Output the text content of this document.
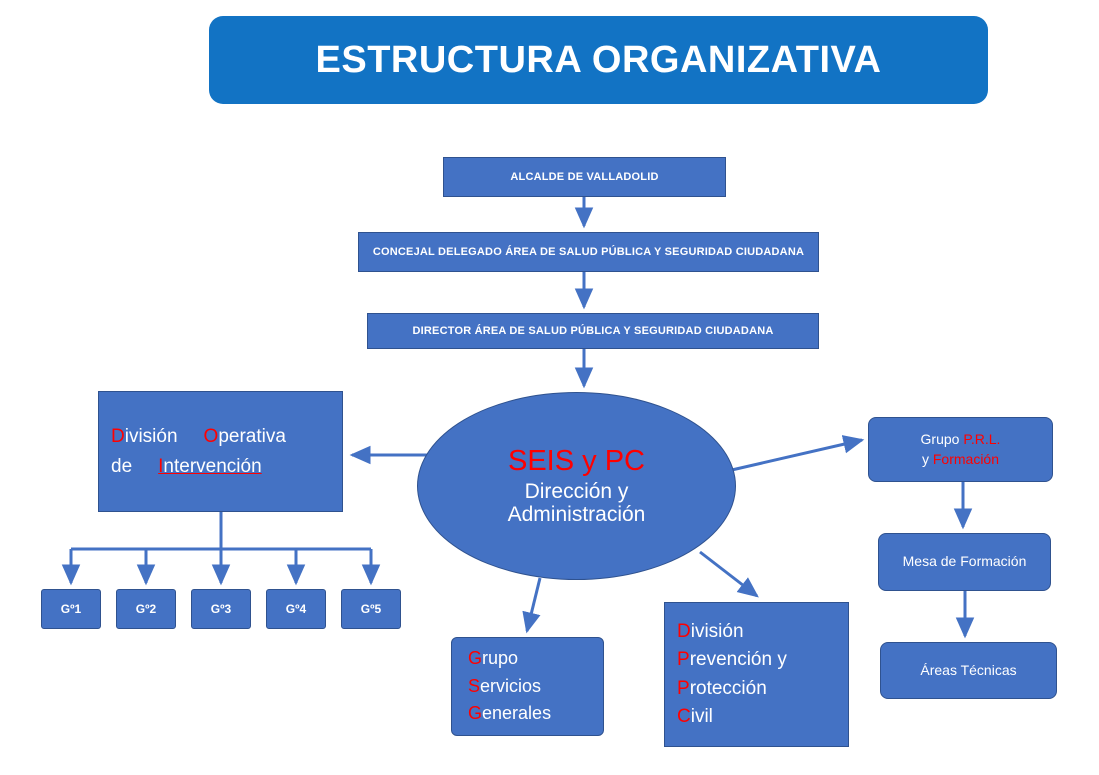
ESTRUCTURA ORGANIZATIVA
ALCALDE DE VALLADOLID
CONCEJAL DELEGADO ÁREA DE SALUD PÚBLICA Y SEGURIDAD CIUDADANA
DIRECTOR ÁREA DE SALUD PÚBLICA Y SEGURIDAD CIUDADANA
SEIS y PC
Dirección y
Administración
División Operativa
de Intervención
Gº1	Gº2	Gº3	Gº4	Gº5
Grupo
Servicios
Generales
División
Prevención y
Protección
Civil
Grupo P.R.L.
y Formación
Mesa de Formación
Áreas Técnicas
